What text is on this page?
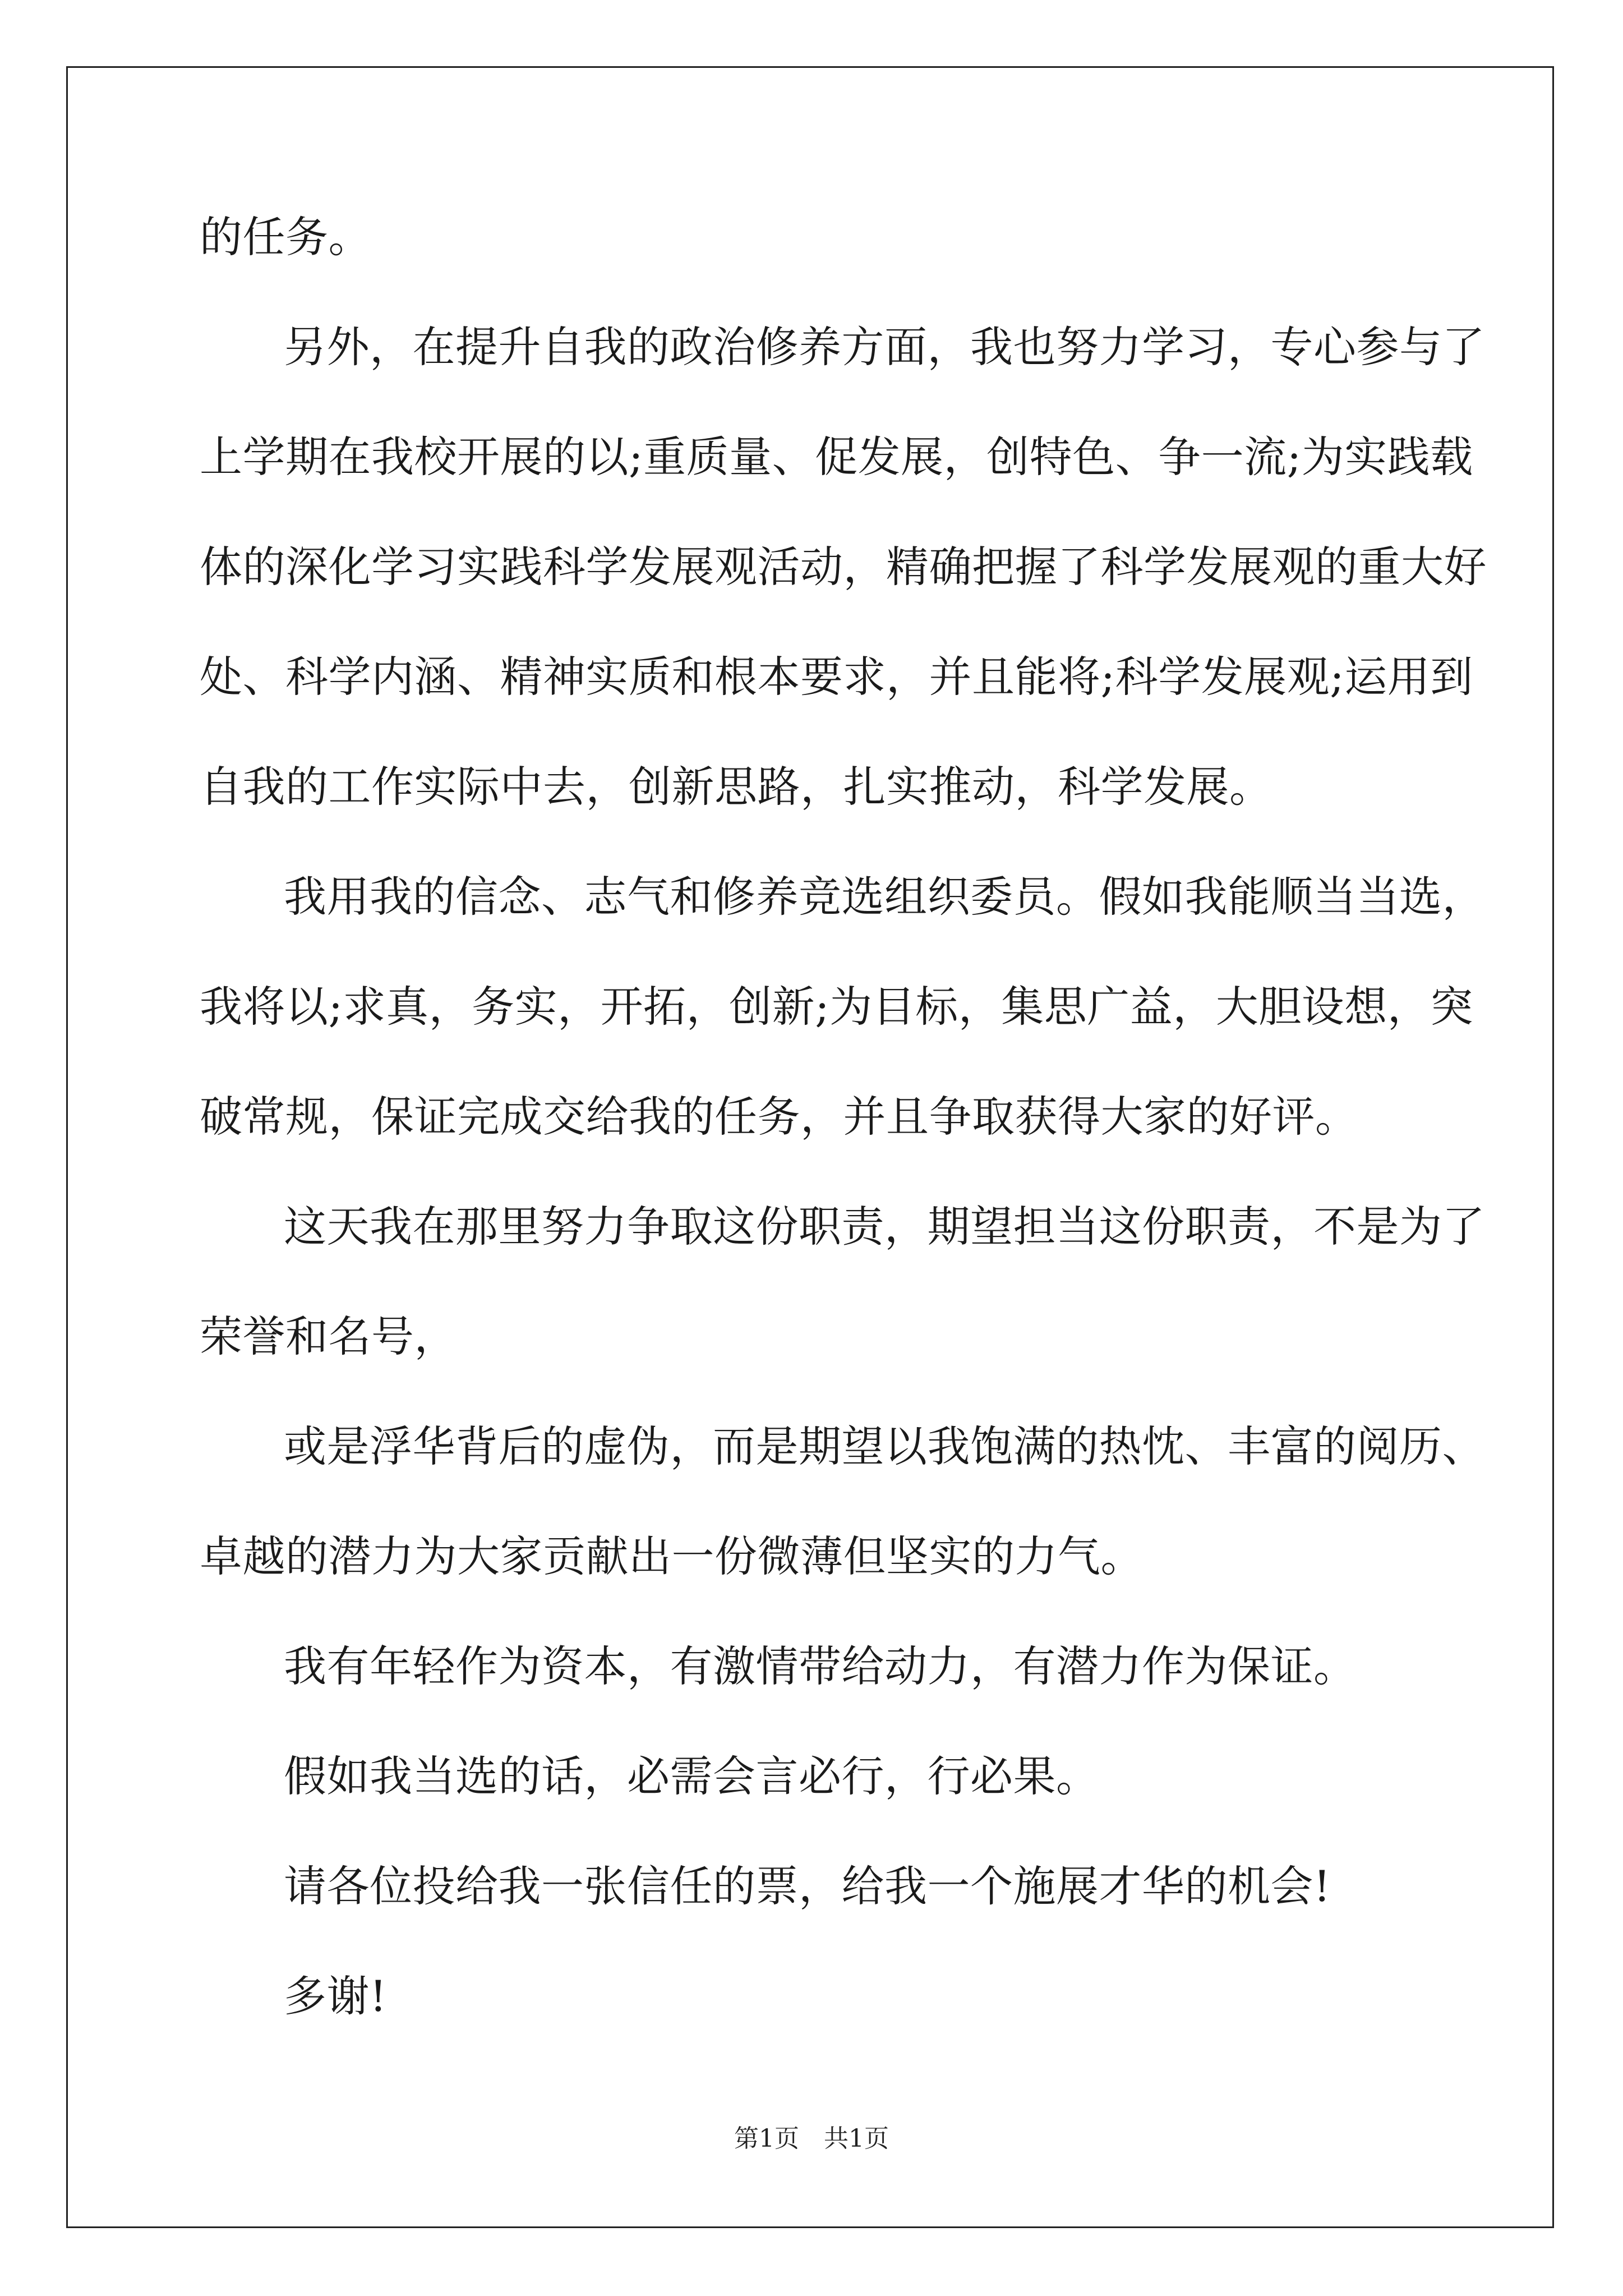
的任务。
另外，在提升自我的政治修养方面，我也努力学习，专心参与了
上学期在我校开展的以;重质量、促发展，创特色、争一流;为实践载
体的深化学习实践科学发展观活动，精确把握了科学发展观的重大好
处、科学内涵、精神实质和根本要求，并且能将;科学发展观;运用到
自我的工作实际中去，创新思路，扎实推动，科学发展。
我用我的信念、志气和修养竞选组织委员。假如我能顺当当选，
我将以;求真，务实，开拓，创新;为目标，集思广益，大胆设想，突
破常规，保证完成交给我的任务，并且争取获得大家的好评。
这天我在那里努力争取这份职责，期望担当这份职责，不是为了
荣誉和名号，
或是浮华背后的虚伪，而是期望以我饱满的热忱、丰富的阅历、
卓越的潜力为大家贡献出一份微薄但坚实的力气。
我有年轻作为资本，有激情带给动力，有潜力作为保证。
假如我当选的话，必需会言必行，行必果。
请各位投给我一张信任的票，给我一个施展才华的机会!
多谢!
第1页　共1页
